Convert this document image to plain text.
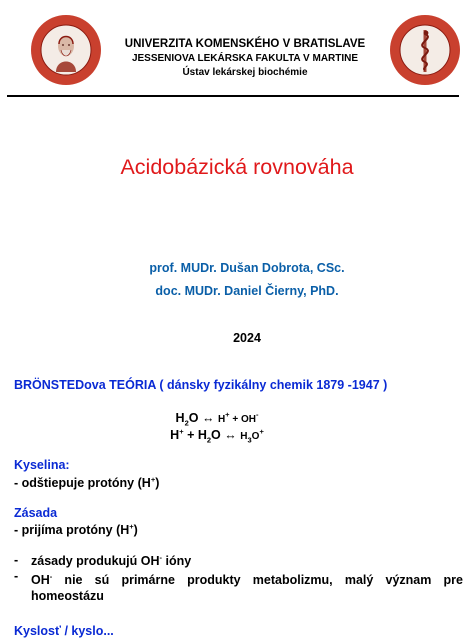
UNIVERZITA KOMENSKÉHO V BRATISLAVE
JESSENIOVA LEKÁRSKA FAKULTA V MARTINE
Ústav lekárskej biochémie
Acidobázická rovnováha
prof. MUDr. Dušan Dobrota, CSc.
doc. MUDr. Daniel Čierny, PhD.
2024
BRÖNSTEDova TEÓRIA ( dánsky fyzikálny chemik 1879 -1947 )
$H_2O$ ↔ H+ + OH-
$H^+ + H_2O$ ↔ $H_3O^+$
Kyselina:
- odštiepuje protóny (H+)
Zásada
- prijíma protóny (H+)
- zásady produkujú OH- ióny
- OH- nie sú primárne produkty metabolizmu, malý význam pre homeostázu
Kyslosť / kyslo...
